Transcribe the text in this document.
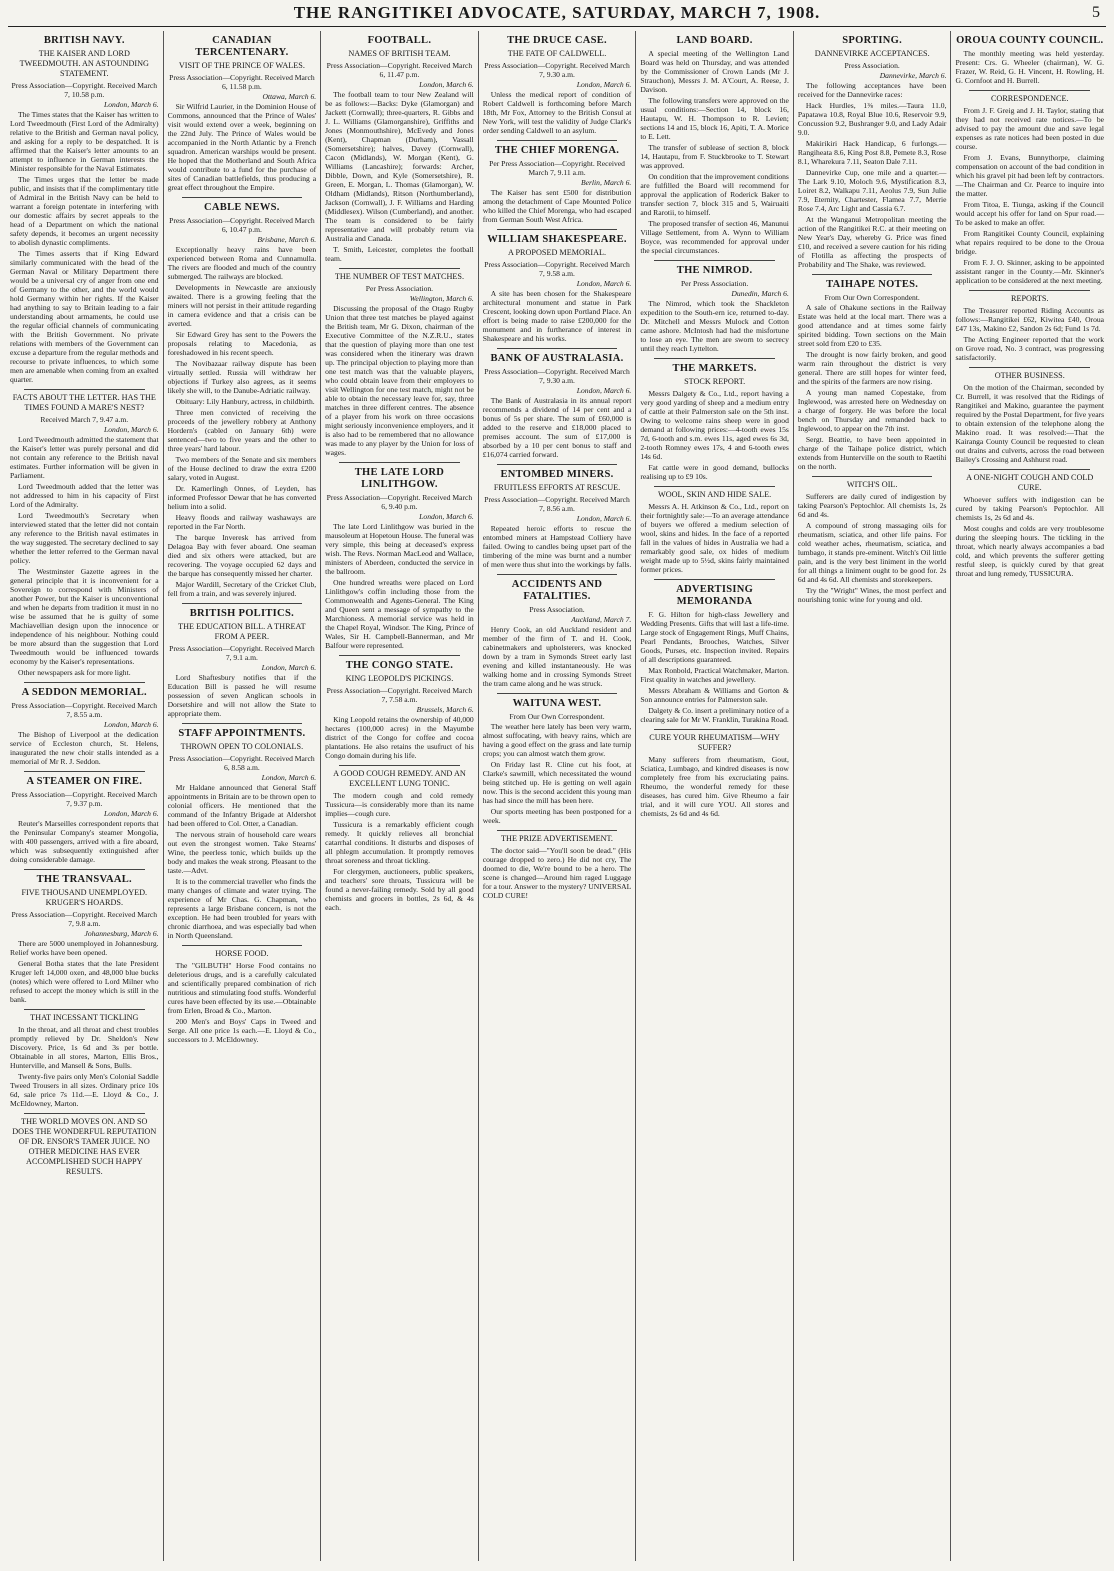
THE RANGITIKEI ADVOCATE, SATURDAY, MARCH 7, 1908.	5
BRITISH NAVY.
THE KAISER AND LORD TWEEDMOUTH. AN ASTOUNDING STATEMENT.
Press Association—Copyright. Received March 7, 10.58 p.m.
London, March 6.

The Times states that the Kaiser has written to Lord Tweedmouth (First Lord of the Admiralty) relative to the British and German naval policy, and asking for a reply to be despatched. It is affirmed that the Kaiser's letter amounts to an attempt to influence in German interests the Minister responsible for the Naval Estimates.

The Times urges that the letter be made public, and insists that if the complimentary title of Admiral in the British Navy can be held to warrant a foreign potentate in interfering with our domestic affairs by secret appeals to the head of a Department on which the national safety depends, it becomes an urgent necessity to abolish dynastic compliments.

The Times asserts that if King Edward similarly communicated with the head of the German Naval or Military Department there would be a universal cry of anger from one end of Germany to the other, and the world would hold Germany within her rights. If the Kaiser had anything to say to Britain leading to a fair understanding about armaments, he could use the regular official channels of communicating with the British Government. No private relations with members of the Government can excuse a departure from the regular methods and recourse to private influences, to which some men are amenable when coming from an exalted quarter.

FACTS ABOUT THE LETTER. HAS THE TIMES FOUND A MARE'S NEST?
Received March 7, 9.47 a.m.
London, March 6.

Lord Tweedmouth admitted the statement that the Kaiser's letter was purely personal and did not contain any reference to the British naval estimates. Further information will be given in Parliament.

Lord Tweedmouth added that the letter was not addressed to him in his capacity of First Lord of the Admiralty.

Lord Tweedmouth's Secretary when interviewed stated that the letter did not contain any reference to the British naval estimates in the way suggested. The secretary declined to say whether the letter referred to the German naval policy.

The Westminster Gazette agrees in the general principle that it is inconvenient for a Sovereign to correspond with Ministers of another Power, but the Kaiser is unconventional and when he departs from tradition it must in no wise be assumed that he is guilty of some Machiavellian design upon the innocence or independence of his neighbour. Nothing could be more absurd than the suggestion that Lord Tweedmouth would be influenced towards economy by the Kaiser's representations.

Other newspapers ask for more light.

A SEDDON MEMORIAL.
Press Association—Copyright. Received March 7, 8.55 a.m.
London, March 6.

The Bishop of Liverpool at the dedication service of Eccleston church, St. Helens, inaugurated the new choir stalls intended as a memorial of Mr R. J. Seddon.

A STEAMER ON FIRE.
Press Association—Copyright. Received March 7, 9.37 p.m.
London, March 6.

Reuter's Marseilles correspondent reports that the Peninsular Company's steamer Mongolia, with 400 passengers, arrived with a fire aboard, which was subsequently extinguished after doing considerable damage.

THE TRANSVAAL.
FIVE THOUSAND UNEMPLOYED. KRUGER'S HOARDS.
Press Association—Copyright. Received March 7, 9.8 a.m.
Johannesburg, March 6.

There are 5000 unemployed in Johannesburg. Relief works have been opened.

General Botha states that the late President Kruger left 14,000 oxen, and 48,000 blue bucks (notes) which were offered to Lord Milner who refused to accept the money which is still in the bank.

THAT INCESSANT TICKLING

In the throat, and all throat and chest troubles promptly relieved by Dr. Sheldon's New Discovery. Price, 1s 6d and 3s per bottle. Obtainable in all stores, Marton, Ellis Bros., Hunterville, and Mansell & Sons, Bulls.

Twenty-five pairs only Men's Colonial Saddle Tweed Trousers in all sizes. Ordinary price 10s 6d, sale price 7s 11d.—E. Lloyd & Co., J. McEldowney, Marton.

THE WORLD MOVES ON. AND SO DOES THE WONDERFUL REPUTATION OF DR. ENSOR'S TAMER JUICE. NO OTHER MEDICINE HAS EVER ACCOMPLISHED SUCH HAPPY RESULTS.
CANADIAN TERCENTENARY.
VISIT OF THE PRINCE OF WALES.
Press Association—Copyright. Received March 6, 11.58 p.m.
Ottawa, March 6.

Sir Wilfrid Laurier, in the Dominion House of Commons, announced that the Prince of Wales' visit would extend over a week, beginning on the 22nd July. The Prince of Wales would be accompanied in the North Atlantic by a French squadron. American warships would be present. He hoped that the Motherland and South Africa would contribute to a fund for the purchase of sites of Canadian battlefields, thus producing a great effect throughout the Empire.

CABLE NEWS.
Press Association—Copyright. Received March 6, 10.47 p.m.
Brisbane, March 6.

Exceptionally heavy rains have been experienced between Roma and Cunnamulla. The rivers are flooded and much of the country submerged. The railways are blocked.

Developments in Newcastle are anxiously awaited. There is a growing feeling that the miners will not persist in their attitude regarding in camera evidence and that a crisis can be averted.

Sir Edward Grey has sent to the Powers the proposals relating to Macedonia, as foreshadowed in his recent speech.

The Novibazaar railway dispute has been virtually settled. Russia will withdraw her objections if Turkey also agrees, as it seems likely she will, to the Danube-Adriatic railway.

Obituary: Lily Hanbury, actress, in childbirth.

Three men convicted of receiving the proceeds of the jewellery robbery at Anthony Hordern's (cabled on January 6th) were sentenced—two to five years and the other to three years' hard labour.

Two members of the Senate and six members of the House declined to draw the extra £200 salary, voted in August.

Dr. Kamerlingh Onnes, of Leyden, has informed Professor Dewar that he has converted helium into a solid.

Heavy floods and railway washaways are reported in the Far North.

The barque Inveresk has arrived from Delagoa Bay with fever aboard. One seaman died and six others were attacked, but are recovering. The voyage occupied 62 days and the barque has consequently missed her charter.

Major Wardill, Secretary of the Cricket Club, fell from a train, and was severely injured.

BRITISH POLITICS.
THE EDUCATION BILL. A THREAT FROM A PEER.
Press Association—Copyright. Received March 7, 9.1 a.m.
London, March 6.

Lord Shaftesbury notifies that if the Education Bill is passed he will resume possession of seven Anglican schools in Dorsetshire and will not allow the State to appropriate them.

STAFF APPOINTMENTS.
THROWN OPEN TO COLONIALS.
Press Association—Copyright. Received March 6, 8.58 a.m.
London, March 6.

Mr Haldane announced that General Staff appointments in Britain are to be thrown open to colonial officers. He mentioned that the command of the Infantry Brigade at Aldershot had been offered to Col. Otter, a Canadian.

The nervous strain of household care wears out even the strongest women. Take Stearns' Wine, the peerless tonic, which builds up the body and makes the weak strong. Pleasant to the taste.—Advt.

It is to the commercial traveller who finds the many changes of climate and water trying. The experience of Mr Chas. G. Chapman, who represents a large Brisbane concern, is not the exception. He had been troubled for years with chronic diarrhoea, and was especially bad when in North Queensland.

HORSE FOOD.

The "GILBUTH" Horse Food contains no deleterious drugs, and is a carefully calculated and scientifically prepared combination of rich nutritious and stimulating food stuffs. Wonderful cures have been effected by its use.—Obtainable from Erlen, Broad & Co., Marton.

200 Men's and Boys' Caps in Tweed and Serge. All one price 1s each.—E. Lloyd & Co., successors to J. McEldowney.

FOOTBALL.
NAMES OF BRITISH TEAM.
Press Association—Copyright. Received March 6, 11.47 p.m.
London, March 6.

The football team to tour New Zealand will be as follows:—Backs: Dyke (Glamorgan) and Jackett (Cornwall); three-quarters, R. Gibbs and J. L. Williams (Glamorganshire), Griffiths and Jones (Monmouthshire), McEvedy and Jones (Kent), Chapman (Durham), Vassall (Somersetshire); halves, Davey (Cornwall), Cacon (Midlands), W. Morgan (Kent), G. Williams (Lancashire); forwards: Archer, Dibble, Down, and Kyle (Somersetshire), R. Green, E. Morgan, L. Thomas (Glamorgan), W. Oldham (Midlands), Ritson (Northumberland), Jackson (Cornwall), J. F. Williams and Harding (Middlesex). Wilson (Cumberland), and another. The team is considered to be fairly representative and will probably return via Australia and Canada.

T. Smith, Leicester, completes the football team.

THE NUMBER OF TEST MATCHES.
Per Press Association.
Wellington, March 6.

Discussing the proposal of the Otago Rugby Union that three test matches be played against the British team, Mr G. Dixon, chairman of the Executive Committee of the N.Z.R.U., states that the question of playing more than one test was considered when the itinerary was drawn up. The principal objection to playing more than one test match was that the valuable players, who could obtain leave from their employers to visit Wellington for one test match, might not be able to obtain the necessary leave for, say, three matches in three different centres. The absence of a player from his work on three occasions might seriously inconvenience employers, and it is also had to be remembered that no allowance was made to any player by the Union for loss of wages.

THE LATE LORD LINLITHGOW.
Press Association—Copyright. Received March 6, 9.40 p.m.
London, March 6.

The late Lord Linlithgow was buried in the mausoleum at Hopetoun House. The funeral was very simple, this being at deceased's express wish. The Revs. Norman MacLeod and Wallace, ministers of Aberdeen, conducted the service in the ballroom.

One hundred wreaths were placed on Lord Linlithgow's coffin including those from the Commonwealth and Agents-General. The King and Queen sent a message of sympathy to the Marchioness. A memorial service was held in the Chapel Royal, Windsor. The King, Prince of Wales, Sir H. Campbell-Bannerman, and Mr Balfour were represented.

THE CONGO STATE.
KING LEOPOLD'S PICKINGS.
Press Association—Copyright. Received March 7, 7.58 a.m.
Brussels, March 6.

King Leopold retains the ownership of 40,000 hectares (100,000 acres) in the Mayumbe district of the Congo for coffee and cocoa plantations. He also retains the usufruct of his Congo domain during his life.

A GOOD COUGH REMEDY. AND AN EXCELLENT LUNG TONIC.

The modern cough and cold remedy Tussicura—is considerably more than its name implies—cough cure.

Tussicura is a remarkably efficient cough remedy. It quickly relieves all bronchial catarrhal conditions. It disturbs and disposes of all phlegm accumulation. It promptly removes throat soreness and throat tickling.

For clergymen, auctioneers, public speakers, and teachers' sore throats, Tussicura will be found a never-failing remedy. Sold by all good chemists and grocers in bottles, 2s 6d, & 4s each.

THE DRUCE CASE.
THE FATE OF CALDWELL.
Press Association—Copyright. Received March 7, 9.30 a.m.
London, March 6.

Unless the medical report of condition of Robert Caldwell is forthcoming before March 18th, Mr Fox, Attorney to the British Consul at New York, will test the validity of Judge Clark's order sending Caldwell to an asylum.

THE CHIEF MORENGA.
Per Press Association—Copyright. Received March 7, 9.11 a.m.
Berlin, March 6.

The Kaiser has sent £500 for distribution among the detachment of Cape Mounted Police who killed the Chief Morenga, who had escaped from German South West Africa.

WILLIAM SHAKESPEARE.
A PROPOSED MEMORIAL.
Press Association—Copyright. Received March 7, 9.58 a.m.
London, March 6.

A site has been chosen for the Shakespeare architectural monument and statue in Park Crescent, looking down upon Portland Place. An effort is being made to raise £200,000 for the monument and in furtherance of interest in Shakespeare and his works.

BANK OF AUSTRALASIA.
Press Association—Copyright. Received March 7, 9.30 a.m.
London, March 6.

The Bank of Australasia in its annual report recommends a dividend of 14 per cent and a bonus of 5s per share. The sum of £60,000 is added to the reserve and £18,000 placed to premises account. The sum of £17,000 is absorbed by a 10 per cent bonus to staff and £16,074 carried forward.

ENTOMBED MINERS.
FRUITLESS EFFORTS AT RESCUE.
Press Association—Copyright. Received March 7, 8.56 a.m.
London, March 6.

Repeated heroic efforts to rescue the entombed miners at Hampstead Colliery have failed. Owing to candles being upset part of the timbering of the mine was burnt and a number of men were thus shut into the workings by falls.

ACCIDENTS AND FATALITIES.
Press Association.
Auckland, March 7.

Henry Cook, an old Auckland resident and member of the firm of T. and H. Cook, cabinetmakers and upholsterers, was knocked down by a tram in Symonds Street early last evening and killed instantaneously. He was walking home and in crossing Symonds Street the tram came along and he was struck.

WAITUNA WEST.
From Our Own Correspondent.

The weather here lately has been very warm, almost suffocating, with heavy rains, which are having a good effect on the grass and late turnip crops; you can almost watch them grow.

On Friday last R. Cline cut his foot, at Clarke's sawmill, which necessitated the wound being stitched up. He is getting on well again now. This is the second accident this young man has had since the mill has been here.

Our sports meeting has been postponed for a week.

THE PRIZE ADVERTISEMENT.

The doctor said—"You'll soon be dead." (His courage dropped to zero.) He did not cry, The doomed to die, We're bound to be a hero. The scene is changed—Around him raged Luggage for a tour. Answer to the mystery? UNIVERSAL COLD CURE!

LAND BOARD.

A special meeting of the Wellington Land Board was held on Thursday, and was attended by the Commissioner of Crown Lands (Mr J. Strauchon), Messrs J. M. A'Court, A. Reese, J. Davison.

The following transfers were approved on the usual conditions:—Section 14, block 16, Hautapu, W. H. Thompson to R. Levien; sections 14 and 15, block 16, Apiti, T. A. Morice to E. Lett.

The transfer of sublease of section 8, block 14, Hautapu, from F. Stuckbrooke to T. Stewart was approved.

On condition that the improvement conditions are fulfilled the Board will recommend for approval the application of Roderick Baker to transfer section 7, block 315 and 5, Wairuaiti and Rarotii, to himself.

The proposed transfer of section 46, Manunui Village Settlement, from A. Wynn to William Boyce, was recommended for approval under the special circumstances.

THE NIMROD.
Per Press Association.
Dunedin, March 6.

The Nimrod, which took the Shackleton expedition to the South-ern ice, returned to-day. Dr. Mitchell and Messrs Mulock and Cotton came ashore. McIntosh had had the misfortune to lose an eye. The men are sworn to secrecy until they reach Lyttelton.

THE MARKETS.
STOCK REPORT.

Messrs Dalgety & Co., Ltd., report having a very good yarding of sheep and a medium entry of cattle at their Palmerston sale on the 5th inst. Owing to welcome rains sheep were in good demand at following prices:—4-tooth ewes 15s 7d, 6-tooth and s.m. ewes 11s, aged ewes 6s 3d, 2-tooth Romney ewes 17s, 4 and 6-tooth ewes 14s 6d.

Fat cattle were in good demand, bullocks realising up to £9 10s.

WOOL, SKIN AND HIDE SALE.

Messrs A. H. Atkinson & Co., Ltd., report on their fortnightly sale:—To an average attendance of buyers we offered a medium selection of wool, skins and hides. In the face of a reported fall in the values of hides in Australia we had a remarkably good sale, ox hides of medium weight made up to 5½d, skins fairly maintained former prices.

ADVERTISING MEMORANDA

F. G. Hilton for high-class Jewellery and Wedding Presents. Gifts that will last a life-time. Large stock of Engagement Rings, Muff Chains, Pearl Pendants, Brooches, Watches, Silver Goods, Purses, etc. Inspection invited. Repairs of all descriptions guaranteed.

Max Ronbold, Practical Watchmaker, Marton. First quality in watches and jewellery.

Messrs Abraham & Williams and Gorton & Son announce entries for Palmerston sale.

Dalgety & Co. insert a preliminary notice of a clearing sale for Mr W. Franklin, Turakina Road.

CURE YOUR RHEUMATISM—WHY SUFFER?

Many sufferers from rheumatism, Gout, Sciatica, Lumbago, and kindred diseases is now completely free from his excruciating pains. Rheumo, the wonderful remedy for these diseases, has cured him. Give Rheumo a fair trial, and it will cure YOU. All stores and chemists, 2s 6d and 4s 6d.

SPORTING.
DANNEVIRKE ACCEPTANCES.
Press Association.
Dannevirke, March 6.

The following acceptances have been received for the Dannevirke races:

Hack Hurdles, 1⅜ miles.—Taura 11.0, Papatawa 10.8, Royal Blue 10.6, Reservoir 9.9, Concussion 9.2, Bushranger 9.0, and Lady Adair 9.0.

Makirikiri Hack Handicap, 6 furlongs.—Rangiheata 8.6, King Post 8.8, Pemete 8.3, Rose 8.1, Wharekura 7.11, Seaton Dale 7.11.

Dannevirke Cup, one mile and a quarter.—The Lark 9.10, Moloch 9.6, Mystification 8.3, Loiret 8.2, Walkapu 7.11, Aeolus 7.9, Sun Julie 7.9, Eternity, Chartester, Flamea 7.7, Merrie Rose 7.4, Arc Light and Cassia 6.7.

At the Wanganui Metropolitan meeting the action of the Rangitikei R.C. at their meeting on New Year's Day, whereby G. Price was fined £10, and received a severe caution for his riding of Flotilla as affecting the prospects of Probability and The Shake, was reviewed.

TAIHAPE NOTES.
From Our Own Correspondent.

A sale of Ohakune sections in the Railway Estate was held at the local mart. There was a good attendance and at times some fairly spirited bidding. Town sections on the Main street sold from £20 to £35.

The drought is now fairly broken, and good warm rain throughout the district is very general. There are still hopes for winter feed, and the spirits of the farmers are now rising.

A young man named Copestake, from Inglewood, was arrested here on Wednesday on a charge of forgery. He was before the local bench on Thursday and remanded back to Inglewood, to appear on the 7th inst.

Sergt. Beattie, to have been appointed in charge of the Taihape police district, which extends from Hunterville on the south to Raetihi on the north.

WITCH'S OIL.

Sufferers are daily cured of indigestion by taking Pearson's Peptochlor. All chemists 1s, 2s 6d and 4s.

A compound of strong massaging oils for rheumatism, sciatica, and other life pains. For cold weather aches, rheumatism, sciatica, and lumbago, it stands pre-eminent. Witch's Oil little pain, and is the very best liniment in the world for all things a liniment ought to be good for. 2s 6d and 4s 6d. All chemists and storekeepers.

Try the "Wright" Wines, the most perfect and nourishing tonic wine for young and old.

OROUA COUNTY COUNCIL.

The monthly meeting was held yesterday. Present: Crs. G. Wheeler (chairman), W. G. Frazer, W. Reid, G. H. Vincent, H. Rowling, H. G. Cornfoot and H. Burrell.

CORRESPONDENCE.

From J. F. Greig and J. H. Taylor, stating that they had not received rate notices.—To be advised to pay the amount due and save legal expenses as rate notices had been posted in due course.

From J. Evans, Bunnythorpe, claiming compensation on account of the bad condition in which his gravel pit had been left by contractors.—The Chairman and Cr. Pearce to inquire into the matter.

From Titoa, E. Tiunga, asking if the Council would accept his offer for land on Spur road.—To be asked to make an offer.

From Rangitikei County Council, explaining what repairs required to be done to the Oroua bridge.

From F. J. O. Skinner, asking to be appointed assistant ranger in the County.—Mr. Skinner's application to be considered at the next meeting.

REPORTS.

The Treasurer reported Riding Accounts as follows:—Rangitikei £62, Kiwitea £40, Oroua £47 13s, Makino £2, Sandon 2s 6d; Fund 1s 7d.

The Acting Engineer reported that the work on Grove road, No. 3 contract, was progressing satisfactorily.

OTHER BUSINESS.

On the motion of the Chairman, seconded by Cr. Burrell, it was resolved that the Ridings of Rangitikei and Makino, guarantee the payment required by the Postal Department, for five years to obtain extension of the telephone along the Makino road. It was resolved:—That the Kairanga County Council be requested to clean out drains and culverts, across the road between Bailey's Crossing and Ashhurst road.

A ONE-NIGHT COUGH AND COLD CURE.

Whoever suffers with indigestion can be cured by taking Pearson's Peptochlor. All chemists 1s, 2s 6d and 4s.

Most coughs and colds are very troublesome during the sleeping hours. The tickling in the throat, which nearly always accompanies a bad cold, and which prevents the sufferer getting restful sleep, is quickly cured by that great throat and lung remedy, TUSSICURA.
